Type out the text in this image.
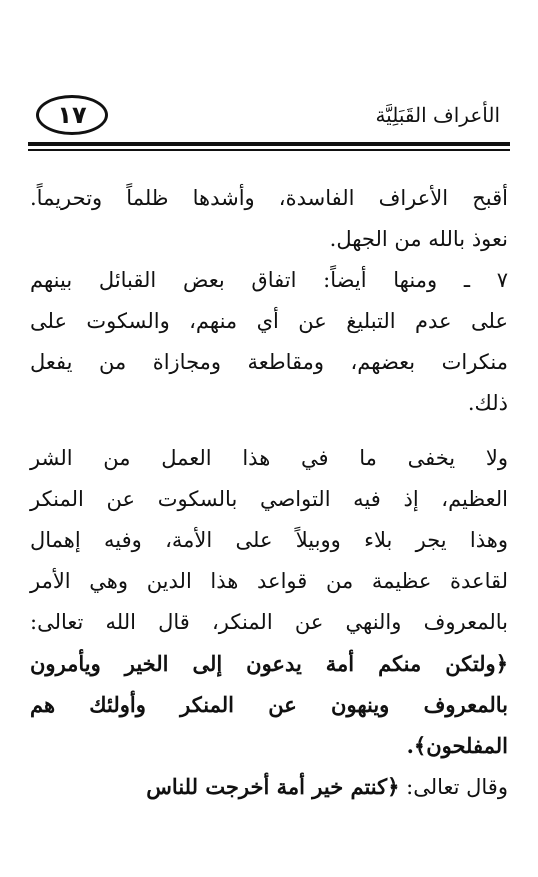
الأعراف القَبَلِيَّة
١٧

أقبح الأعراف الفاسدة، وأشدها ظلماً وتحريماً.
نعوذ بالله من الجهل.

٧ ـ ومنها أيضاً: اتفاق بعض القبائل بينهم
على عدم التبليغ عن أي منهم، والسكوت على
منكرات بعضهم، ومقاطعة ومجازاة من يفعل
ذلك.

ولا يخفى ما في هذا العمل من الشر
العظيم، إذ فيه التواصي بالسكوت عن المنكر
وهذا يجر بلاء ووبيلاً على الأمة، وفيه إهمال
لقاعدة عظيمة من قواعد هذا الدين وهي الأمر
بالمعروف والنهي عن المنكر، قال الله تعالى:
﴿ولتكن منكم أمة يدعون إلى الخير ويأمرون
بالمعروف وينهون عن المنكر وأولئك هم
المفلحون﴾.

وقال تعالى: ﴿كنتم خير أمة أخرجت للناس
